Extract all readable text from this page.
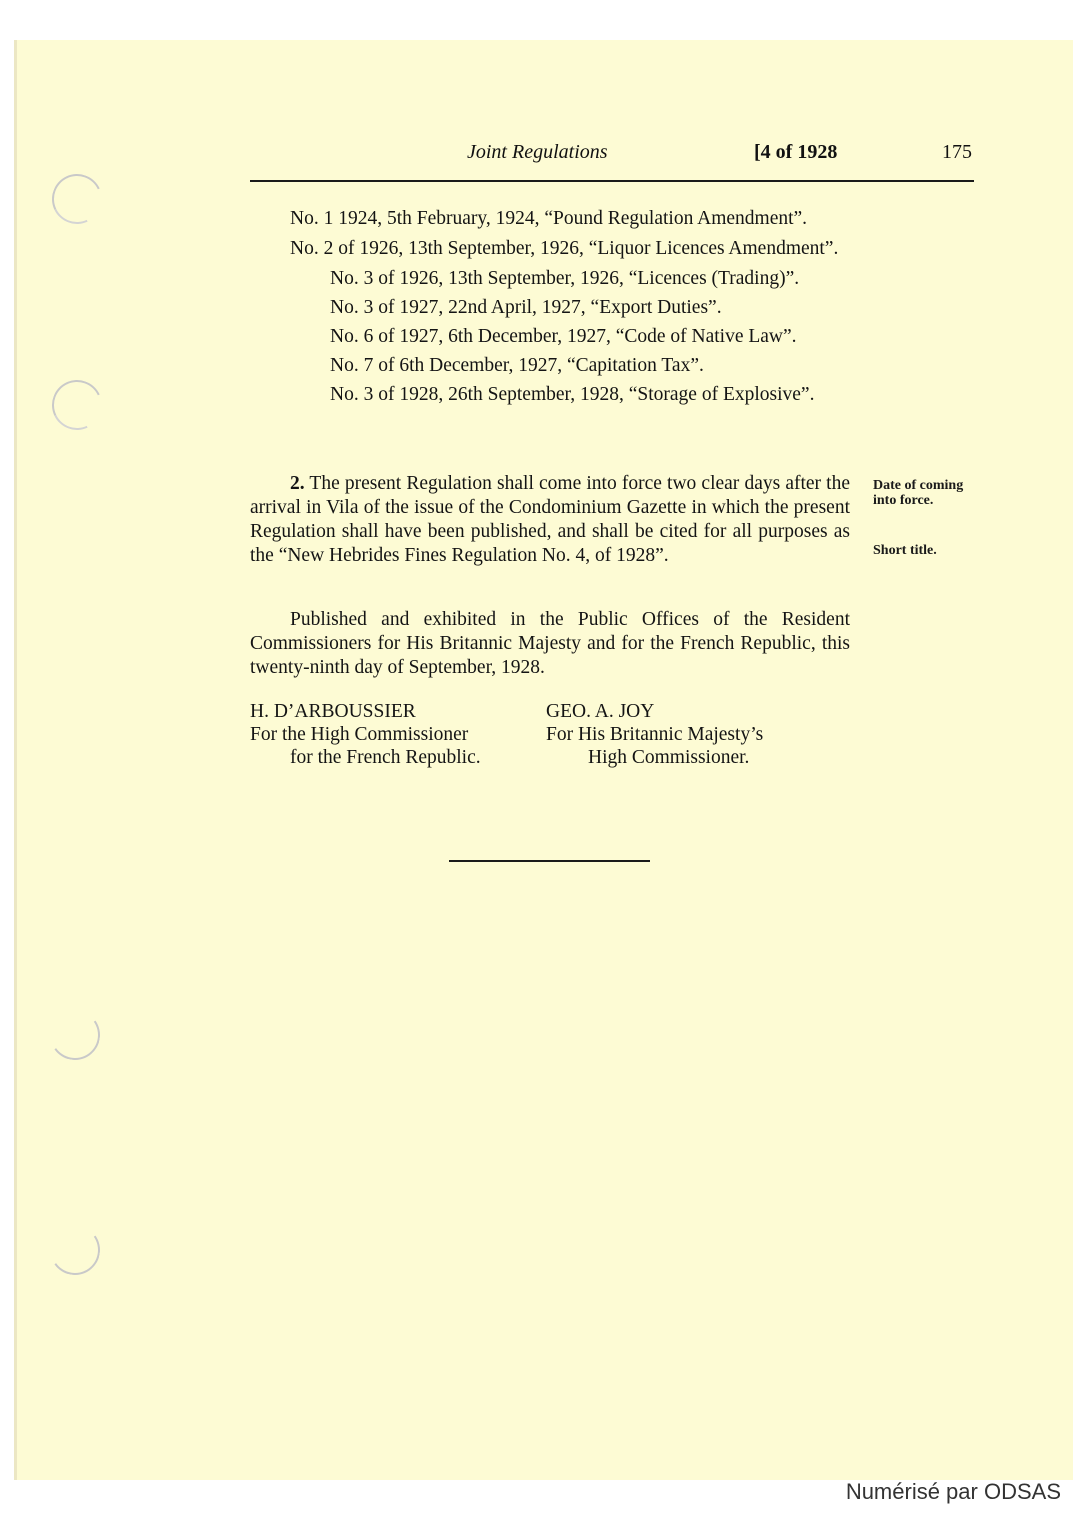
Joint Regulations	[4 of 1928	175

No. 1 1924, 5th February, 1924, “Pound Regulation Amendment”.

No. 2 of 1926, 13th September, 1926, “Liquor Licences Amendment”.

No. 3 of 1926, 13th September, 1926, “Licences (Trading)”.

No. 3 of 1927, 22nd April, 1927, “Export Duties”.

No. 6 of 1927, 6th December, 1927, “Code of Native Law”.

No. 7 of 6th December, 1927, “Capitation Tax”.

No. 3 of 1928, 26th September, 1928, “Storage of Explosive”.

2. The present Regulation shall come into force two clear days after the arrival in Vila of the issue of the Condominium Gazette in which the present Regulation shall have been published, and shall be cited for all purposes as the “New Hebrides Fines Regulation No. 4, of 1928”.

Date of coming into force.
Short title.

Published and exhibited in the Public Offices of the Resident Commissioners for His Britannic Majesty and for the French Republic, this twenty-ninth day of September, 1928.

H. D’ARBOUSSIER
For the High Commissioner
for the French Republic.
GEO. A. JOY
For His Britannic Majesty’s
High Commissioner.
Numérisé par ODSAS
